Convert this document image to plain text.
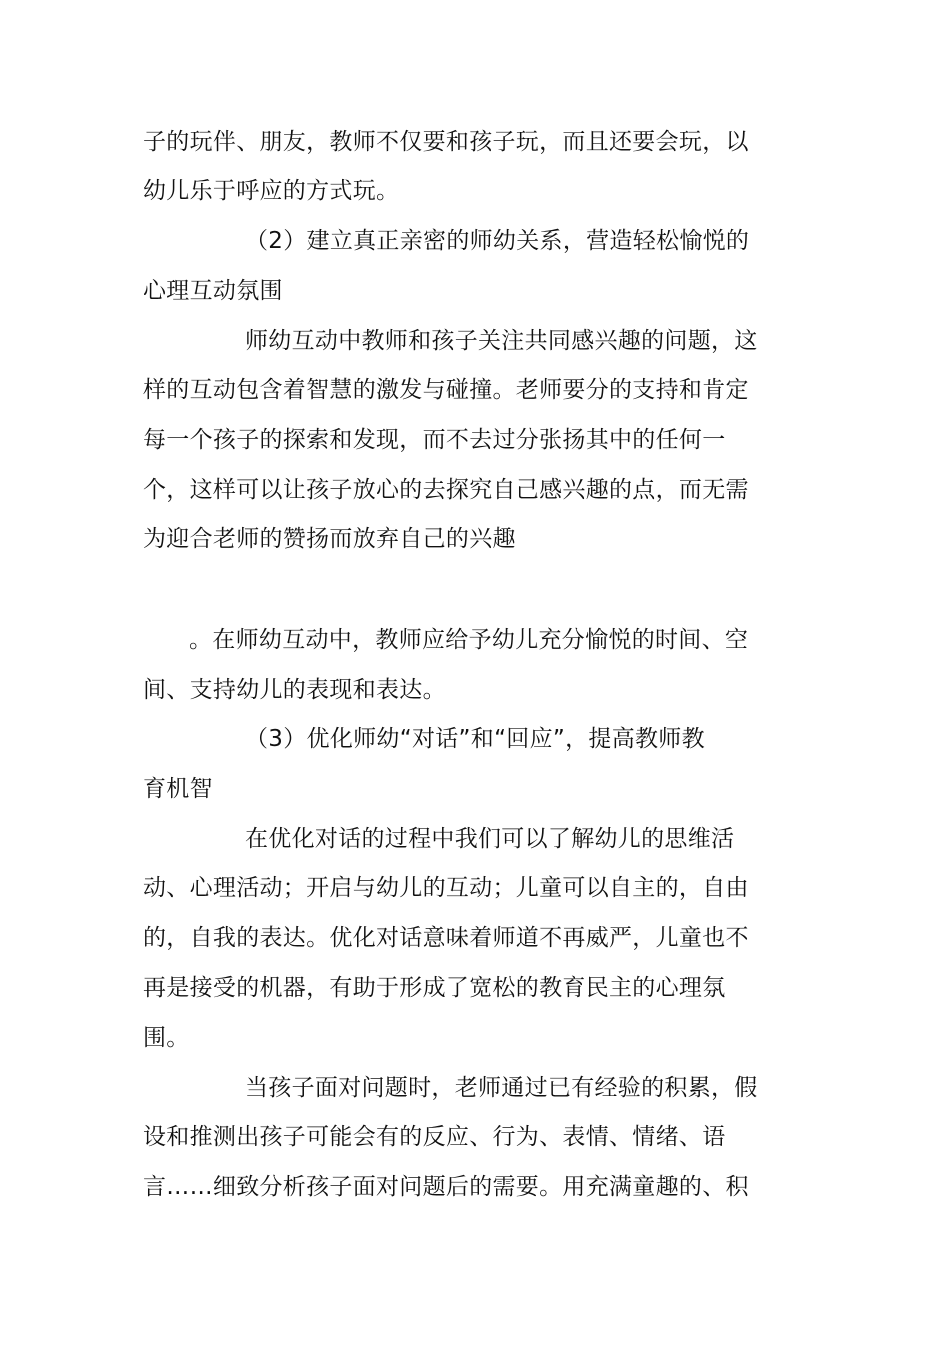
子的玩伴、朋友，教师不仅要和孩子玩，而且还要会玩，以
幼儿乐于呼应的方式玩。
（2）建立真正亲密的师幼关系，营造轻松愉悦的
心理互动氛围
师幼互动中教师和孩子关注共同感兴趣的问题，这
样的互动包含着智慧的激发与碰撞。老师要分的支持和肯定
每一个孩子的探索和发现，而不去过分张扬其中的任何一
个，这样可以让孩子放心的去探究自己感兴趣的点，而无需
为迎合老师的赞扬而放弃自己的兴趣
。在师幼互动中，教师应给予幼儿充分愉悦的时间、空
间、支持幼儿的表现和表达。
（3）优化师幼“对话”和“回应”，提高教师教
育机智
在优化对话的过程中我们可以了解幼儿的思维活
动、心理活动；开启与幼儿的互动；儿童可以自主的，自由
的，自我的表达。优化对话意味着师道不再威严，儿童也不
再是接受的机器，有助于形成了宽松的教育民主的心理氛
围。
当孩子面对问题时，老师通过已有经验的积累，假
设和推测出孩子可能会有的反应、行为、表情、情绪、语
言……细致分析孩子面对问题后的需要。用充满童趣的、积
